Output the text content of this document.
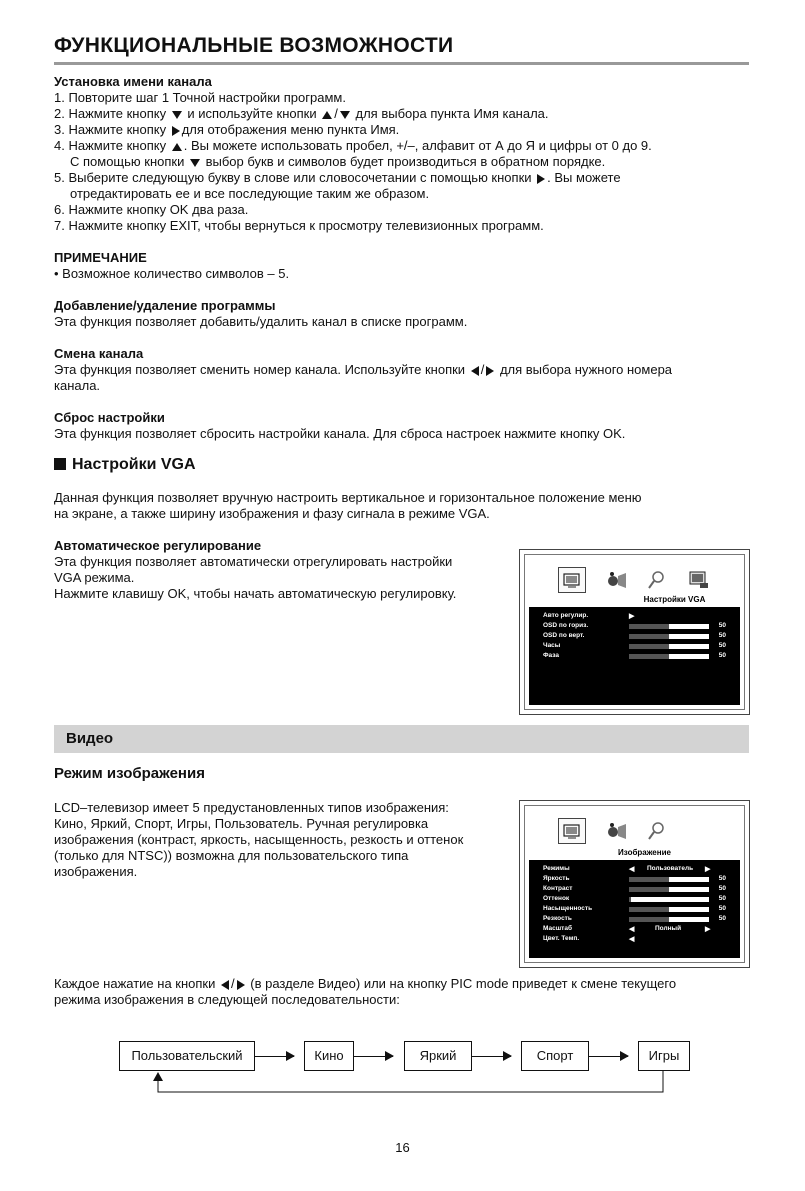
ФУНКЦИОНАЛЬНЫЕ ВОЗМОЖНОСТИ
Установка имени канала
1. Повторите шаг 1 Точной настройки программ.
2. Нажмите кнопку и используйте кнопки / для выбора пункта Имя канала.
3. Нажмите кнопку для отображения меню пункта Имя.
4. Нажмите кнопку . Вы можете использовать пробел, +/–, алфавит от А до Я и цифры от 0 до 9.
С помощью кнопки выбор букв и символов будет производиться в обратном порядке.
5. Выберите следующую букву в слове или словосочетании с помощью кнопки . Вы можете
отредактировать ее и все последующие таким же образом.
6. Нажмите кнопку OK два раза.
7. Нажмите кнопку EXIT, чтобы вернуться к просмотру телевизионных программ.
ПРИМЕЧАНИЕ
• Возможное количество символов – 5.
Добавление/удаление программы
Эта функция позволяет добавить/удалить канал в списке программ.
Смена канала
Эта функция позволяет сменить номер канала. Используйте кнопки / для выбора нужного номера
канала.
Сброс настройки
Эта функция позволяет сбросить настройки канала. Для сброса настроек нажмите кнопку OK.
Настройки VGA
Данная функция позволяет вручную настроить вертикальное и горизонтальное положение меню
на экране, а также ширину изображения и фазу сигнала в режиме VGA.
Автоматическое регулирование
Эта функция позволяет автоматически отрегулировать настройки
VGA режима.
Нажмите клавишу OK, чтобы начать автоматическую регулировку.	Настройки VGA
Авто регулир.	▶
OSD по гориз.	50
OSD по верт.	50
Часы	50
Фаза	50
Видео
Режим изображения
LCD–телевизор имеет 5 предустановленных типов изображения:
Кино, Яркий, Спорт, Игры, Пользователь. Ручная регулировка
изображения (контраст, яркость, насыщенность, резкость и оттенок
(только для NTSC)) возможна для пользовательского типа
изображения.
Изображение
Режимы	◀ Пользователь ▶
Яркость	50
Контраст	50
Оттенок	50
Насыщенность	50
Резкость	50
Масштаб	◀	Полный	▶
Цвет. Темп.	◀
Каждое нажатие на кнопки / (в разделе Видео) или на кнопку PIC mode приведет к смене текущего
режима изображения в следующей последовательности:
Пользовательский	Кино	Яркий	Спорт	Игры
16
